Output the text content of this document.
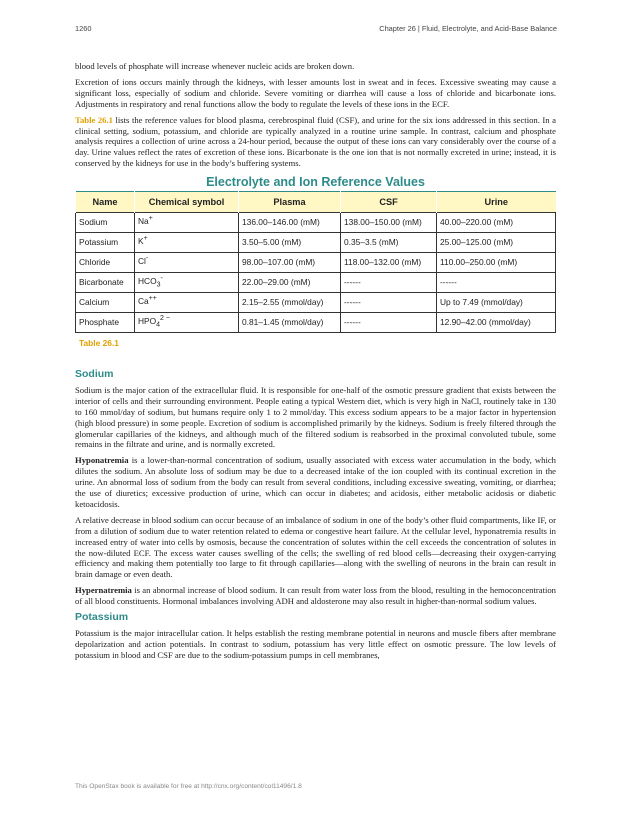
1260	Chapter 26 | Fluid, Electrolyte, and Acid-Base Balance

blood levels of phosphate will increase whenever nucleic acids are broken down.

Excretion of ions occurs mainly through the kidneys, with lesser amounts lost in sweat and in feces. Excessive sweating may cause a significant loss, especially of sodium and chloride. Severe vomiting or diarrhea will cause a loss of chloride and bicarbonate ions. Adjustments in respiratory and renal functions allow the body to regulate the levels of these ions in the ECF.

Table 26.1 lists the reference values for blood plasma, cerebrospinal fluid (CSF), and urine for the six ions addressed in this section. In a clinical setting, sodium, potassium, and chloride are typically analyzed in a routine urine sample. In contrast, calcium and phosphate analysis requires a collection of urine across a 24-hour period, because the output of these ions can vary considerably over the course of a day. Urine values reflect the rates of excretion of these ions. Bicarbonate is the one ion that is not normally excreted in urine; instead, it is conserved by the kidneys for use in the body’s buffering systems.

Electrolyte and Ion Reference Values
Name	Chemical symbol	Plasma	CSF	Urine
Sodium	Na+	136.00–146.00 (mM)	138.00–150.00 (mM)	40.00–220.00 (mM)
Potassium	K+	3.50–5.00 (mM)	0.35–3.5 (mM)	25.00–125.00 (mM)
Chloride	Cl-	98.00–107.00 (mM)	118.00–132.00 (mM)	110.00–250.00 (mM)
Bicarbonate	$HCO_3^-$	22.00–29.00 (mM)	------	------
Calcium	Ca++	2.15–2.55 (mmol/day)	------	Up to 7.49 (mmol/day)
Phosphate	$HPO_4^{2 -}$	0.81–1.45 (mmol/day)	------	12.90–42.00 (mmol/day)
Table 26.1
Sodium

Sodium is the major cation of the extracellular fluid. It is responsible for one-half of the osmotic pressure gradient that exists between the interior of cells and their surrounding environment. People eating a typical Western diet, which is very high in NaCl, routinely take in 130 to 160 mmol/day of sodium, but humans require only 1 to 2 mmol/day. This excess sodium appears to be a major factor in hypertension (high blood pressure) in some people. Excretion of sodium is accomplished primarily by the kidneys. Sodium is freely filtered through the glomerular capillaries of the kidneys, and although much of the filtered sodium is reabsorbed in the proximal convoluted tubule, some remains in the filtrate and urine, and is normally excreted.

Hyponatremia is a lower-than-normal concentration of sodium, usually associated with excess water accumulation in the body, which dilutes the sodium. An absolute loss of sodium may be due to a decreased intake of the ion coupled with its continual excretion in the urine. An abnormal loss of sodium from the body can result from several conditions, including excessive sweating, vomiting, or diarrhea; the use of diuretics; excessive production of urine, which can occur in diabetes; and acidosis, either metabolic acidosis or diabetic ketoacidosis.

A relative decrease in blood sodium can occur because of an imbalance of sodium in one of the body’s other fluid compartments, like IF, or from a dilution of sodium due to water retention related to edema or congestive heart failure. At the cellular level, hyponatremia results in increased entry of water into cells by osmosis, because the concentration of solutes within the cell exceeds the concentration of solutes in the now-diluted ECF. The excess water causes swelling of the cells; the swelling of red blood cells—decreasing their oxygen-carrying efficiency and making them potentially too large to fit through capillaries—along with the swelling of neurons in the brain can result in brain damage or even death.

Hypernatremia is an abnormal increase of blood sodium. It can result from water loss from the blood, resulting in the hemoconcentration of all blood constituents. Hormonal imbalances involving ADH and aldosterone may also result in higher-than-normal sodium values.

Potassium

Potassium is the major intracellular cation. It helps establish the resting membrane potential in neurons and muscle fibers after membrane depolarization and action potentials. In contrast to sodium, potassium has very little effect on osmotic pressure. The low levels of potassium in blood and CSF are due to the sodium-potassium pumps in cell membranes,

This OpenStax book is available for free at http://cnx.org/content/col11496/1.8
